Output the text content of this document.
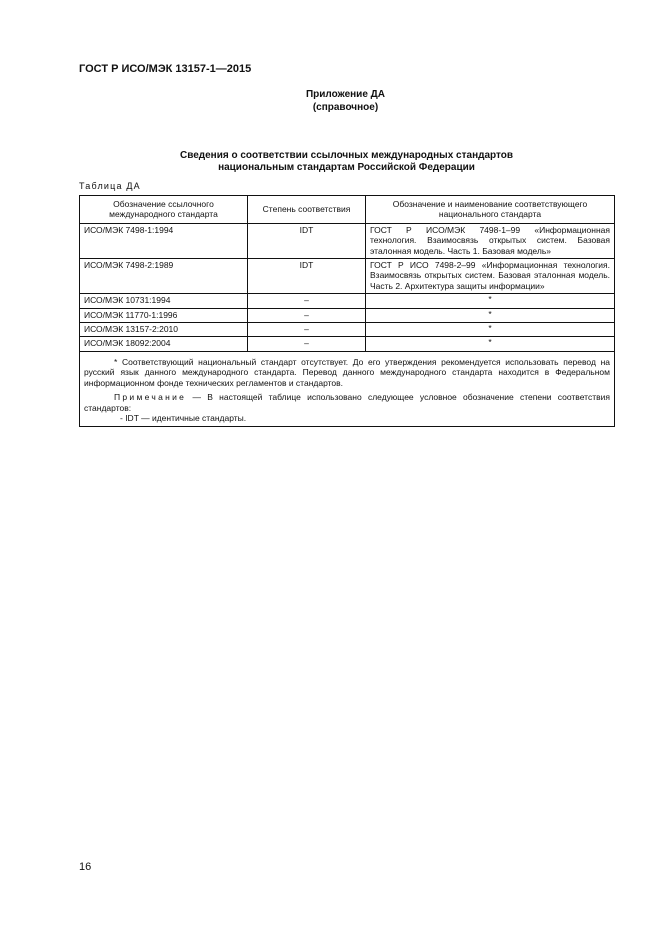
ГОСТ Р ИСО/МЭК 13157-1—2015
Приложение ДА
(справочное)
Сведения о соответствии ссылочных международных стандартов
национальным стандартам Российской Федерации
Таблица ДА
Обозначение ссылочного международного стандарта	Степень соответствия	Обозначение и наименование соответствующего национального стандарта
ИСО/МЭК 7498-1:1994	IDT	ГОСТ Р ИСО/МЭК 7498-1–99 «Информационная технология. Взаимосвязь открытых систем. Базовая эталонная модель. Часть 1. Базовая модель»
ИСО/МЭК 7498-2:1989	IDT	ГОСТ Р ИСО 7498-2–99 «Информационная технология. Взаимосвязь открытых систем. Базовая эталонная модель. Часть 2. Архитектура защиты информации»
ИСО/МЭК 10731:1994	–	*
ИСО/МЭК 11770-1:1996	–	*
ИСО/МЭК 13157-2:2010	–	*
ИСО/МЭК 18092:2004	–	*

* Соответствующий национальный стандарт отсутствует. До его утверждения рекомендуется использовать перевод на русский язык данного международного стандарта. Перевод данного международного стандарта находится в Федеральном информационном фонде технических регламентов и стандартов.

Примечание — В настоящей таблице использовано следующее условное обозначение степени соответствия стандартов:

- IDT — идентичные стандарты.		

16
